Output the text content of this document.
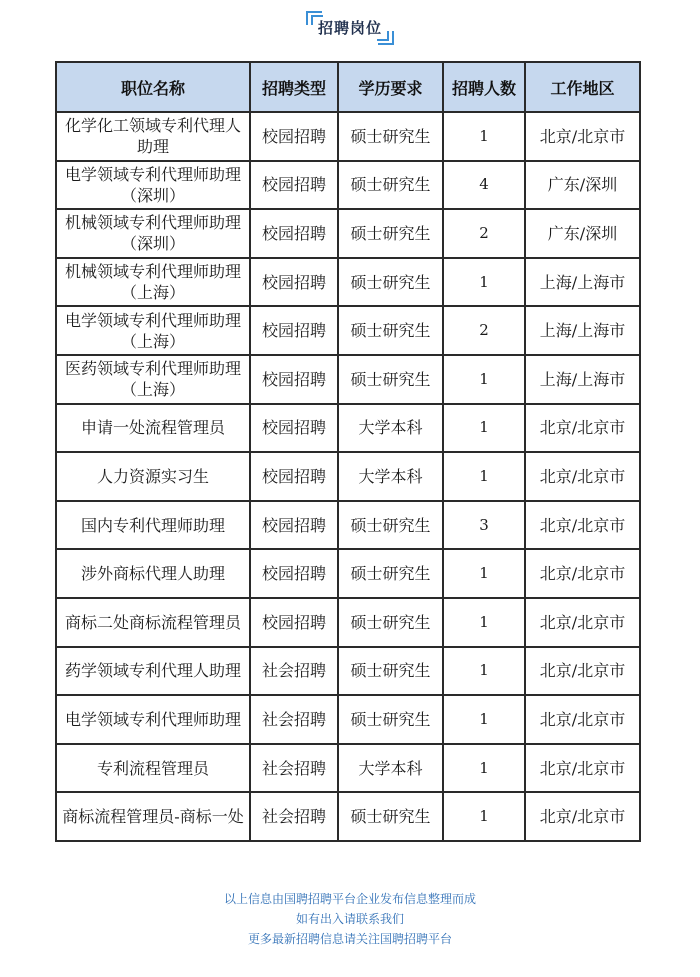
招聘岗位
职位名称	招聘类型	学历要求	招聘人数	工作地区
化学化工领域专利代理人助理	校园招聘	硕士研究生	1	北京/北京市
电学领域专利代理师助理（深圳）	校园招聘	硕士研究生	4	广东/深圳
机械领域专利代理师助理（深圳）	校园招聘	硕士研究生	2	广东/深圳
机械领域专利代理师助理（上海）	校园招聘	硕士研究生	1	上海/上海市
电学领域专利代理师助理（上海）	校园招聘	硕士研究生	2	上海/上海市
医药领域专利代理师助理（上海）	校园招聘	硕士研究生	1	上海/上海市
申请一处流程管理员	校园招聘	大学本科	1	北京/北京市
人力资源实习生	校园招聘	大学本科	1	北京/北京市
国内专利代理师助理	校园招聘	硕士研究生	3	北京/北京市
涉外商标代理人助理	校园招聘	硕士研究生	1	北京/北京市
商标二处商标流程管理员	校园招聘	硕士研究生	1	北京/北京市
药学领域专利代理人助理	社会招聘	硕士研究生	1	北京/北京市
电学领域专利代理师助理	社会招聘	硕士研究生	1	北京/北京市
专利流程管理员	社会招聘	大学本科	1	北京/北京市
商标流程管理员-商标一处	社会招聘	硕士研究生	1	北京/北京市
以上信息由国聘招聘平台企业发布信息整理而成
如有出入请联系我们
更多最新招聘信息请关注国聘招聘平台
